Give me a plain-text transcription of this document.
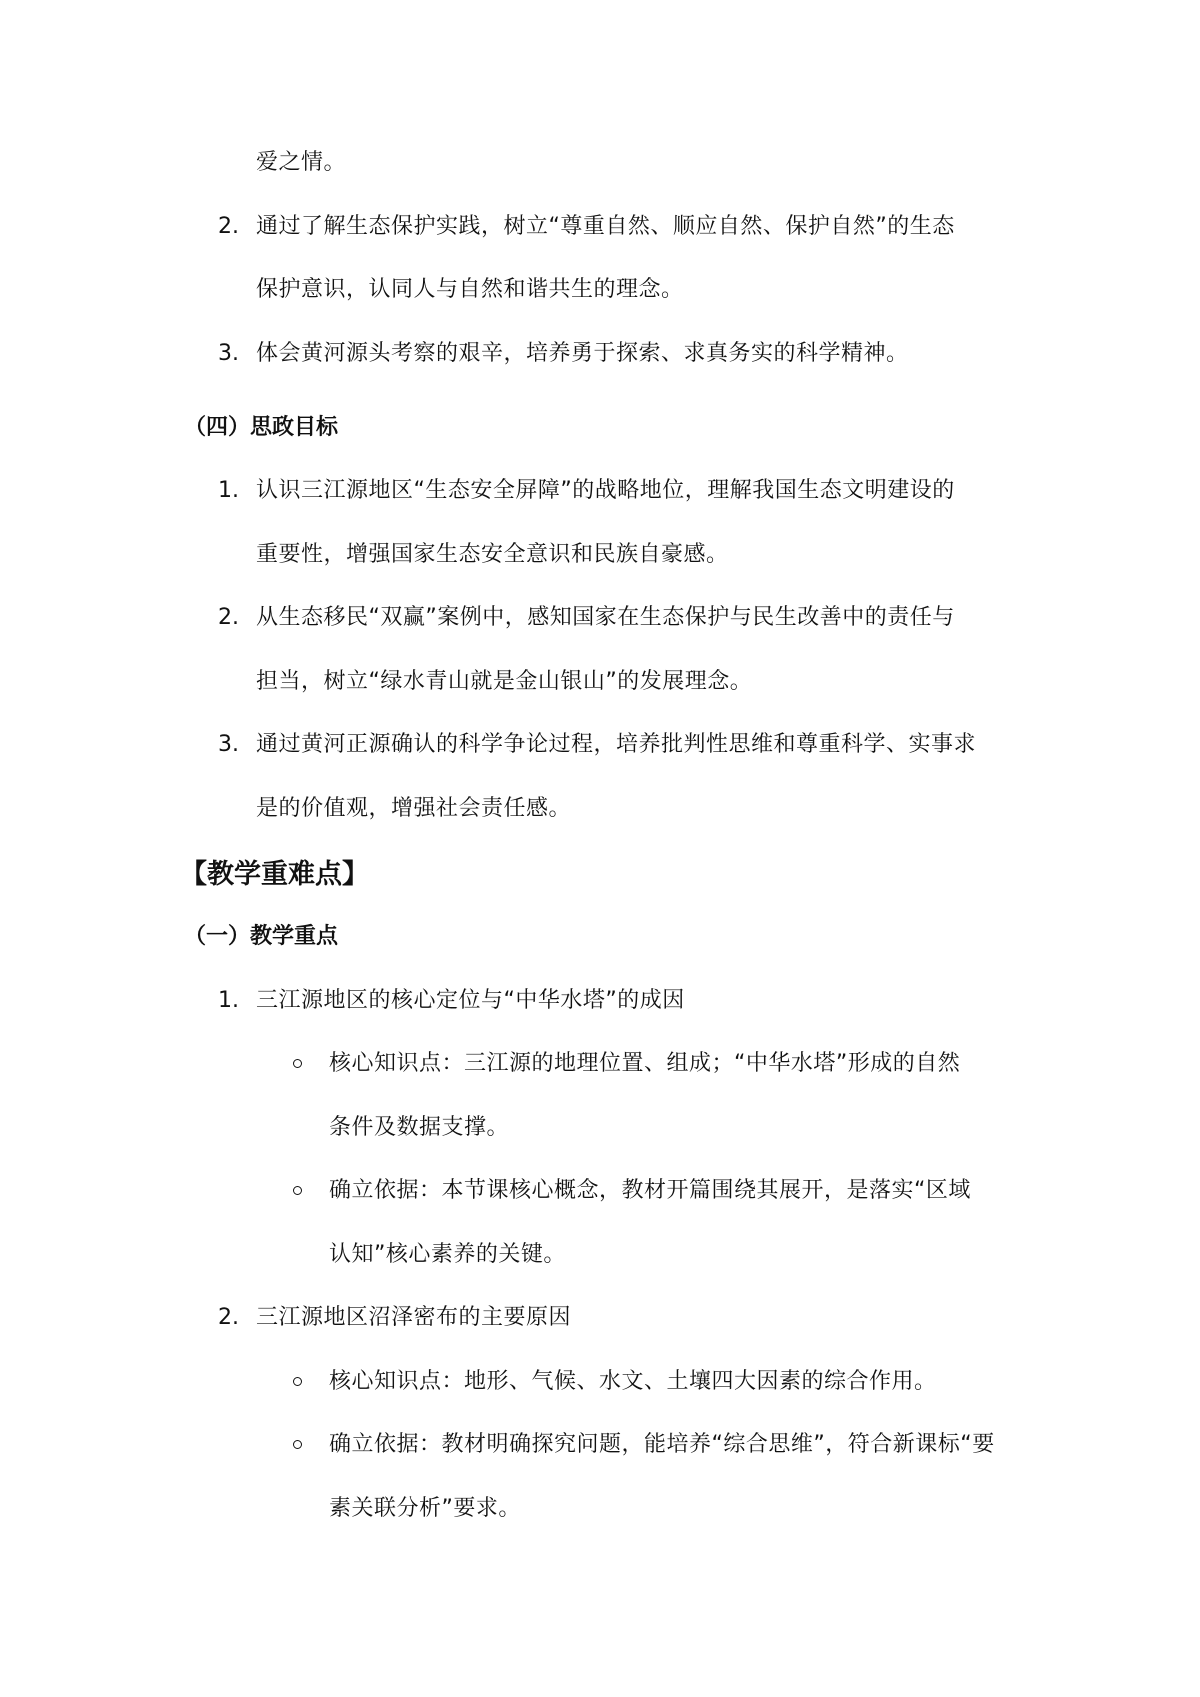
爱之情。
2. 通过了解生态保护实践，树立“尊重自然、顺应自然、保护自然”的生态
保护意识，认同人与自然和谐共生的理念。
3. 体会黄河源头考察的艰辛，培养勇于探索、求真务实的科学精神。
（四）思政目标
1. 认识三江源地区“生态安全屏障”的战略地位，理解我国生态文明建设的
重要性，增强国家生态安全意识和民族自豪感。
2. 从生态移民“双赢”案例中，感知国家在生态保护与民生改善中的责任与
担当，树立“绿水青山就是金山银山”的发展理念。
3. 通过黄河正源确认的科学争论过程，培养批判性思维和尊重科学、实事求
是的价值观，增强社会责任感。
【教学重难点】
（一）教学重点
1. 三江源地区的核心定位与“中华水塔”的成因
核心知识点：三江源的地理位置、组成；“中华水塔”形成的自然
条件及数据支撑。
确立依据：本节课核心概念，教材开篇围绕其展开，是落实“区域
认知”核心素养的关键。
2. 三江源地区沼泽密布的主要原因
核心知识点：地形、气候、水文、土壤四大因素的综合作用。
确立依据：教材明确探究问题，能培养“综合思维”，符合新课标“要
素关联分析”要求。
